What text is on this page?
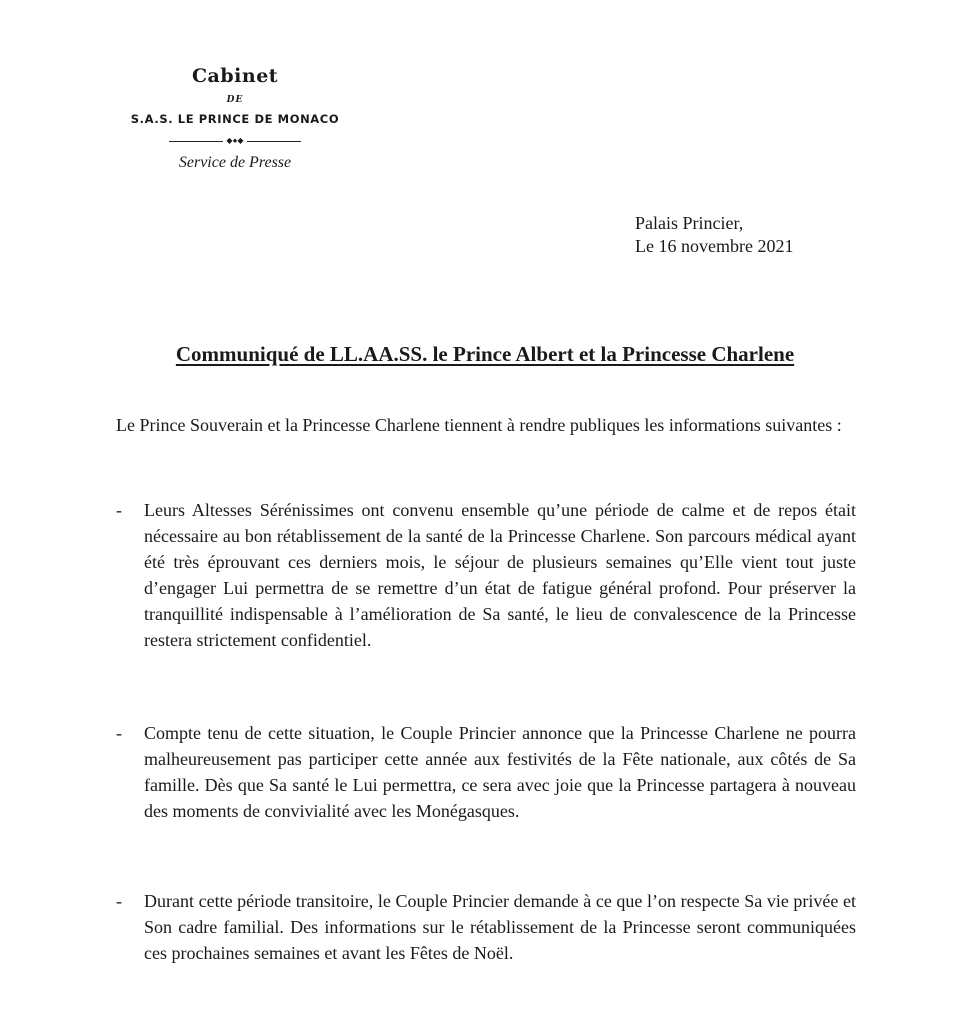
Cabinet
DE
S.A.S. LE PRINCE DE MONACO
◆●◆
Service de Presse
Palais Princier,
Le 16 novembre 2021
Communiqué de LL.AA.SS. le Prince Albert et la Princesse Charlene

Le Prince Souverain et la Princesse Charlene tiennent à rendre publiques les informations suivantes :

- Leurs Altesses Sérénissimes ont convenu ensemble qu’une période de calme et de repos était nécessaire au bon rétablissement de la santé de la Princesse Charlene. Son parcours médical ayant été très éprouvant ces derniers mois, le séjour de plusieurs semaines qu’Elle vient tout juste d’engager Lui permettra de se remettre d’un état de fatigue général profond. Pour préserver la tranquillité indispensable à l’amélioration de Sa santé, le lieu de convalescence de la Princesse restera strictement confidentiel.

- Compte tenu de cette situation, le Couple Princier annonce que la Princesse Charlene ne pourra malheureusement pas participer cette année aux festivités de la Fête nationale, aux côtés de Sa famille. Dès que Sa santé le Lui permettra, ce sera avec joie que la Princesse partagera à nouveau des moments de convivialité avec les Monégasques.

- Durant cette période transitoire, le Couple Princier demande à ce que l’on respecte Sa vie privée et Son cadre familial. Des informations sur le rétablissement de la Princesse seront communiquées ces prochaines semaines et avant les Fêtes de Noël.
